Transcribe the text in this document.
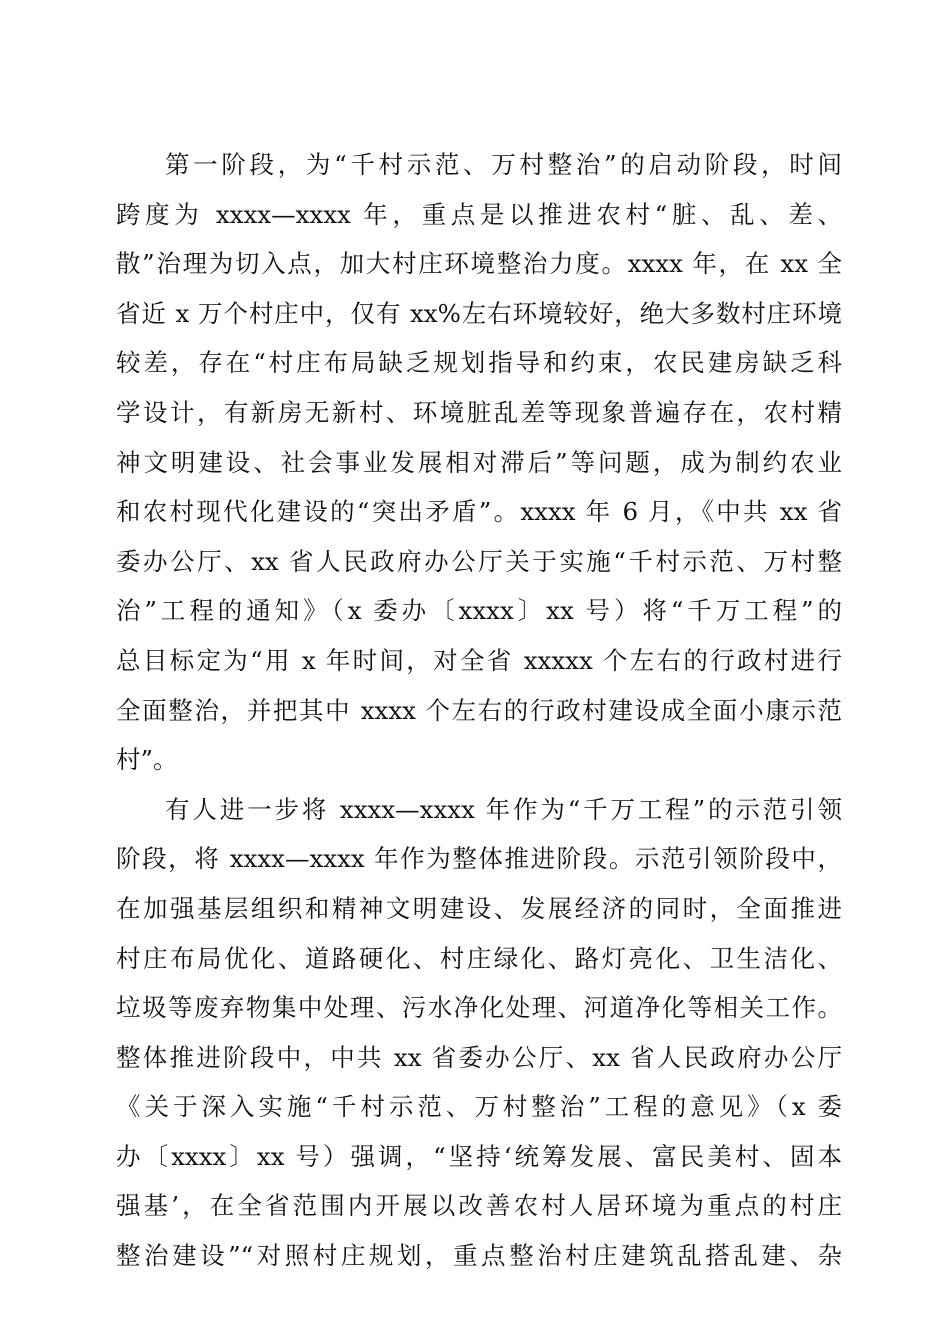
第一阶段，为“千村示范、万村整治”的启动阶段，时间
跨度为 xxxx—xxxx 年，重点是以推进农村“脏、乱、差、
散”治理为切入点，加大村庄环境整治力度。xxxx 年，在 xx 全
省近 x 万个村庄中，仅有 xx%左右环境较好，绝大多数村庄环境
较差，存在“村庄布局缺乏规划指导和约束，农民建房缺乏科
学设计，有新房无新村、环境脏乱差等现象普遍存在，农村精
神文明建设、社会事业发展相对滞后”等问题，成为制约农业
和农村现代化建设的“突出矛盾”。xxxx 年 6 月，《中共 xx 省
委办公厅、xx 省人民政府办公厅关于实施“千村示范、万村整
治”工程的通知》（x 委办〔xxxx〕xx 号）将“千万工程”的
总目标定为“用 x 年时间，对全省 xxxxx 个左右的行政村进行
全面整治，并把其中 xxxx 个左右的行政村建设成全面小康示范
村”。
有人进一步将 xxxx—xxxx 年作为“千万工程”的示范引领
阶段，将 xxxx—xxxx 年作为整体推进阶段。示范引领阶段中，
在加强基层组织和精神文明建设、发展经济的同时，全面推进
村庄布局优化、道路硬化、村庄绿化、路灯亮化、卫生洁化、
垃圾等废弃物集中处理、污水净化处理、河道净化等相关工作。
整体推进阶段中，中共 xx 省委办公厅、xx 省人民政府办公厅
《关于深入实施“千村示范、万村整治”工程的意见》（x 委
办〔xxxx〕xx 号）强调，“坚持‘统筹发展、富民美村、固本
强基’，在全省范围内开展以改善农村人居环境为重点的村庄
整治建设”“对照村庄规划，重点整治村庄建筑乱搭乱建、杂
